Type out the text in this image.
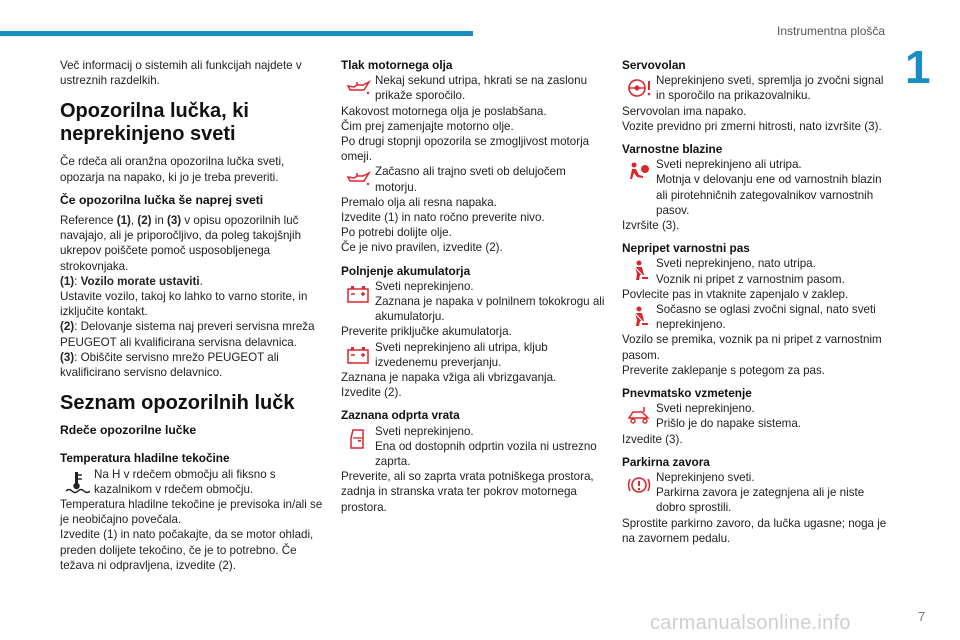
Instrumentna plošča
1

Več informacij o sistemih ali funkcijah najdete v ustreznih razdelkih.

Opozorilna lučka, ki neprekinjeno sveti

Če rdeča ali oranžna opozorilna lučka sveti, opozarja na napako, ki jo je treba preveriti.

Če opozorilna lučka še naprej sveti

Reference (1), (2) in (3) v opisu opozorilnih luč navajajo, ali je priporočljivo, da poleg takojšnjih ukrepov poiščete pomoč usposobljenega strokovnjaka.

(1): Vozilo morate ustaviti.

Ustavite vozilo, takoj ko lahko to varno storite, in izključite kontakt.

(2): Delovanje sistema naj preveri servisna mreža PEUGEOT ali kvalificirana servisna delavnica.

(3): Obiščite servisno mrežo PEUGEOT ali kvalificirano servisno delavnico.

Seznam opozorilnih lučk
Rdeče opozorilne lučke
Temperatura hladilne tekočine
Na H v rdečem območju ali fiksno s kazalnikom v rdečem območju.

Temperatura hladilne tekočine je previsoka in/ali se je neobičajno povečala.

Izvedite (1) in nato počakajte, da se motor ohladi, preden dolijete tekočino, če je to potrebno. Če težava ni odpravljena, izvedite (2).

Tlak motornega olja
Nekaj sekund utripa, hkrati se na zaslonu prikaže sporočilo.

Kakovost motornega olja je poslabšana.

Čim prej zamenjajte motorno olje.

Po drugi stopnji opozorila se zmogljivost motorja omeji.

Začasno ali trajno sveti ob delujočem motorju.

Premalo olja ali resna napaka.

Izvedite (1) in nato ročno preverite nivo.

Po potrebi dolijte olje.

Če je nivo pravilen, izvedite (2).

Polnjenje akumulatorja

Sveti neprekinjeno.

Zaznana je napaka v polnilnem tokokrogu ali akumulatorju.

Preverite priključke akumulatorja.

Sveti neprekinjeno ali utripa, kljub izvedenemu preverjanju.

Zaznana je napaka vžiga ali vbrizgavanja.

Izvedite (2).

Zaznana odprta vrata

Sveti neprekinjeno.

Ena od dostopnih odprtin vozila ni ustrezno zaprta.

Preverite, ali so zaprta vrata potniškega prostora, zadnja in stranska vrata ter pokrov motornega prostora.

Servovolan
Neprekinjeno sveti, spremlja jo zvočni signal in sporočilo na prikazovalniku.

Servovolan ima napako.

Vozite previdno pri zmerni hitrosti, nato izvršite (3).

Varnostne blazine

Sveti neprekinjeno ali utripa.

Motnja v delovanju ene od varnostnih blazin ali pirotehničnih zategovalnikov varnostnih pasov.

Izvršite (3).

Nepripet varnostni pas

Sveti neprekinjeno, nato utripa.

Voznik ni pripet z varnostnim pasom.

Povlecite pas in vtaknite zapenjalo v zaklep.

Sočasno se oglasi zvočni signal, nato sveti neprekinjeno.

Vozilo se premika, voznik pa ni pripet z varnostnim pasom.

Preverite zaklepanje s potegom za pas.

Pnevmatsko vzmetenje

Sveti neprekinjeno.

Prišlo je do napake sistema.

Izvedite (3).

Parkirna zavora

Neprekinjeno sveti.

Parkirna zavora je zategnjena ali je niste dobro sprostili.

Sprostite parkirno zavoro, da lučka ugasne; noga je na zavornem pedalu.

carmanualsonline.info	7
